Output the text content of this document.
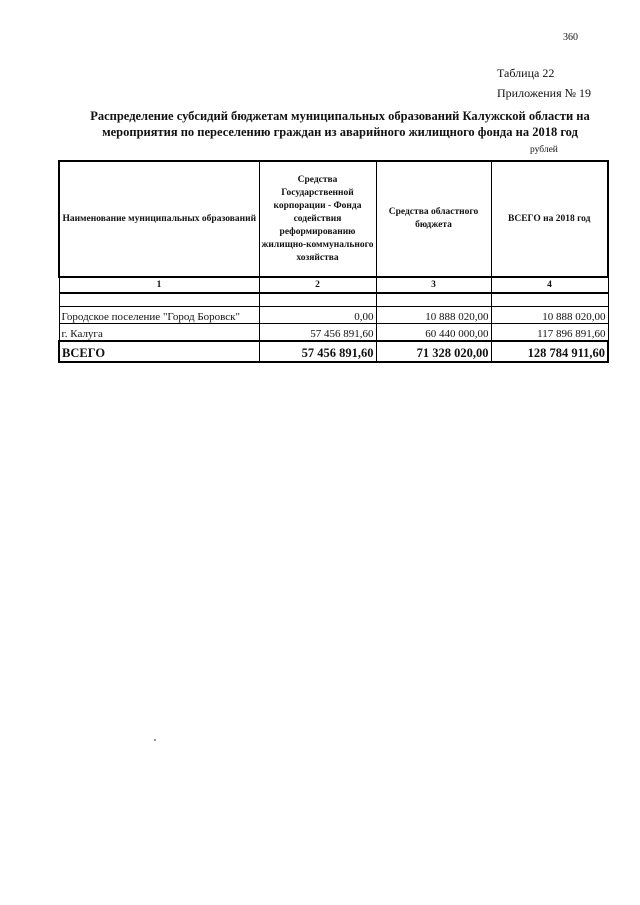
360
Таблица 22
Приложения № 19
Распределение субсидий бюджетам муниципальных образований Калужской области на мероприятия по переселению граждан из аварийного жилищного фонда на 2018 год
рублей
Наименование муниципальных образований	Средства Государственной корпорации - Фонда содействия реформированию жилищно-коммунального хозяйства	Средства областного бюджета	ВСЕГО на 2018 год
1	2	3	4

Городское поселение "Город Боровск"	0,00	10 888 020,00	10 888 020,00
г. Калуга	57 456 891,60	60 440 000,00	117 896 891,60
ВСЕГО	57 456 891,60	71 328 020,00	128 784 911,60
